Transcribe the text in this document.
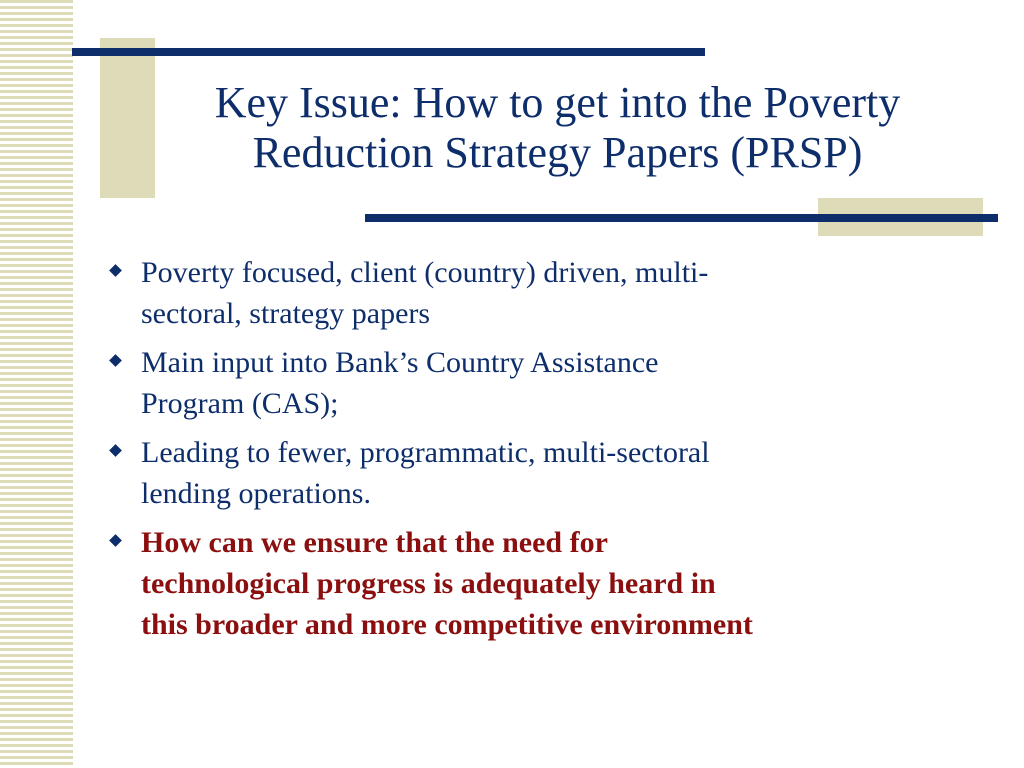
Key Issue: How to get into the Poverty
Reduction Strategy Papers (PRSP)
Poverty focused, client (country) driven, multi-
sectoral, strategy papers
Main input into Bank’s Country Assistance
Program (CAS);
Leading to fewer, programmatic, multi-sectoral
lending operations.
How can we ensure that the need for
technological progress is adequately heard in
this broader and more competitive environment
